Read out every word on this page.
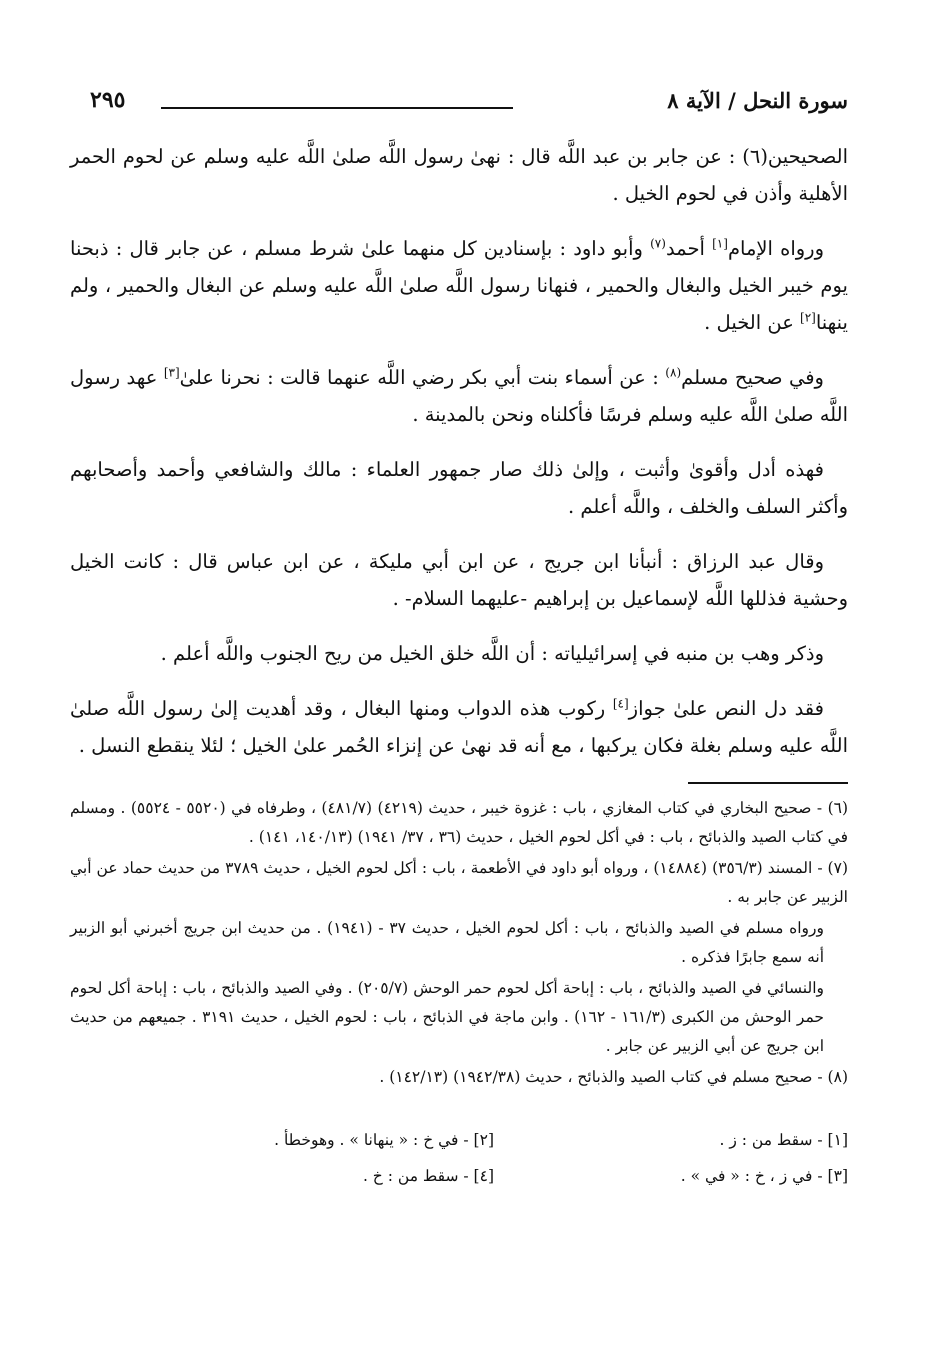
سورة النحل / الآية ٨
٢٩٥

الصحيحين(٦) : عن جابر بن عبد اللَّه قال : نهىٰ رسول اللَّه صلىٰ اللَّه عليه وسلم عن لحوم الحمر الأهلية وأذن في لحوم الخيل .

ورواه الإمام[١] أحمد$^{(٧)}$ وأبو داود : بإسنادين كل منهما علىٰ شرط مسلم ، عن جابر قال : ذبحنا يوم خيبر الخيل والبغال والحمير ، فنهانا رسول اللَّه صلىٰ اللَّه عليه وسلم عن البغال والحمير ، ولم ينهنا[٢] عن الخيل .

وفي صحيح مسلم$^{(٨)}$ : عن أسماء بنت أبي بكر رضي اللَّه عنهما قالت : نحرنا علىٰ[٣] عهد رسول اللَّه صلىٰ اللَّه عليه وسلم فرسًا فأكلناه ونحن بالمدينة .

فهذه أدل وأقوىٰ وأثبت ، وإلىٰ ذلك صار جمهور العلماء : مالك والشافعي وأحمد وأصحابهم وأكثر السلف والخلف ، واللَّه أعلم .

وقال عبد الرزاق : أنبأنا ابن جريج ، عن ابن أبي مليكة ، عن ابن عباس قال : كانت الخيل وحشية فذللها اللَّه لإسماعيل بن إبراهيم -عليهما السلام- .

وذكر وهب بن منبه في إسرائيلياته : أن اللَّه خلق الخيل من ريح الجنوب واللَّه أعلم .

فقد دل النص علىٰ جواز[٤] ركوب هذه الدواب ومنها البغال ، وقد أهديت إلىٰ رسول اللَّه صلىٰ اللَّه عليه وسلم بغلة فكان يركبها ، مع أنه قد نهىٰ عن إنزاء الحُمر علىٰ الخيل ؛ لئلا ينقطع النسل .

(٦) - صحيح البخاري في كتاب المغازي ، باب : غزوة خيبر ، حديث (٤٢١٩) (٤٨١/٧) ، وطرفاه في (٥٥٢٠ - ٥٥٢٤) . ومسلم في كتاب الصيد والذبائح ، باب : في أكل لحوم الخيل ، حديث (٣٦ ، ٣٧/ ١٩٤١) (١٤٠/١٣، ١٤١) .

(٧) - المسند (٣٥٦/٣) (١٤٨٨٤) ، ورواه أبو داود في الأطعمة ، باب : أكل لحوم الخيل ، حديث ٣٧٨٩ من حديث حماد عن أبي الزبير عن جابر به .

ورواه مسلم في الصيد والذبائح ، باب : أكل لحوم الخيل ، حديث ٣٧ - (١٩٤١) . من حديث ابن جريج أخبرني أبو الزبير أنه سمع جابرًا فذكره .

والنسائي في الصيد والذبائح ، باب : إباحة أكل لحوم حمر الوحش (٢٠٥/٧) . وفي الصيد والذبائح ، باب : إباحة أكل لحوم حمر الوحش من الكبرى (١٦١/٣ - ١٦٢) . وابن ماجة في الذبائح ، باب : لحوم الخيل ، حديث ٣١٩١ . جميعهم من حديث ابن جريج عن أبي الزبير عن جابر .

(٨) - صحيح مسلم في كتاب الصيد والذبائح ، حديث (١٩٤٢/٣٨) (١٤٢/١٣) .

[١] - سقط من : ز .
[٢] - في خ : « ينهانا » . وهوخطأ .
[٣] - في ز ، خ : « في » .
[٤] - سقط من : خ .
